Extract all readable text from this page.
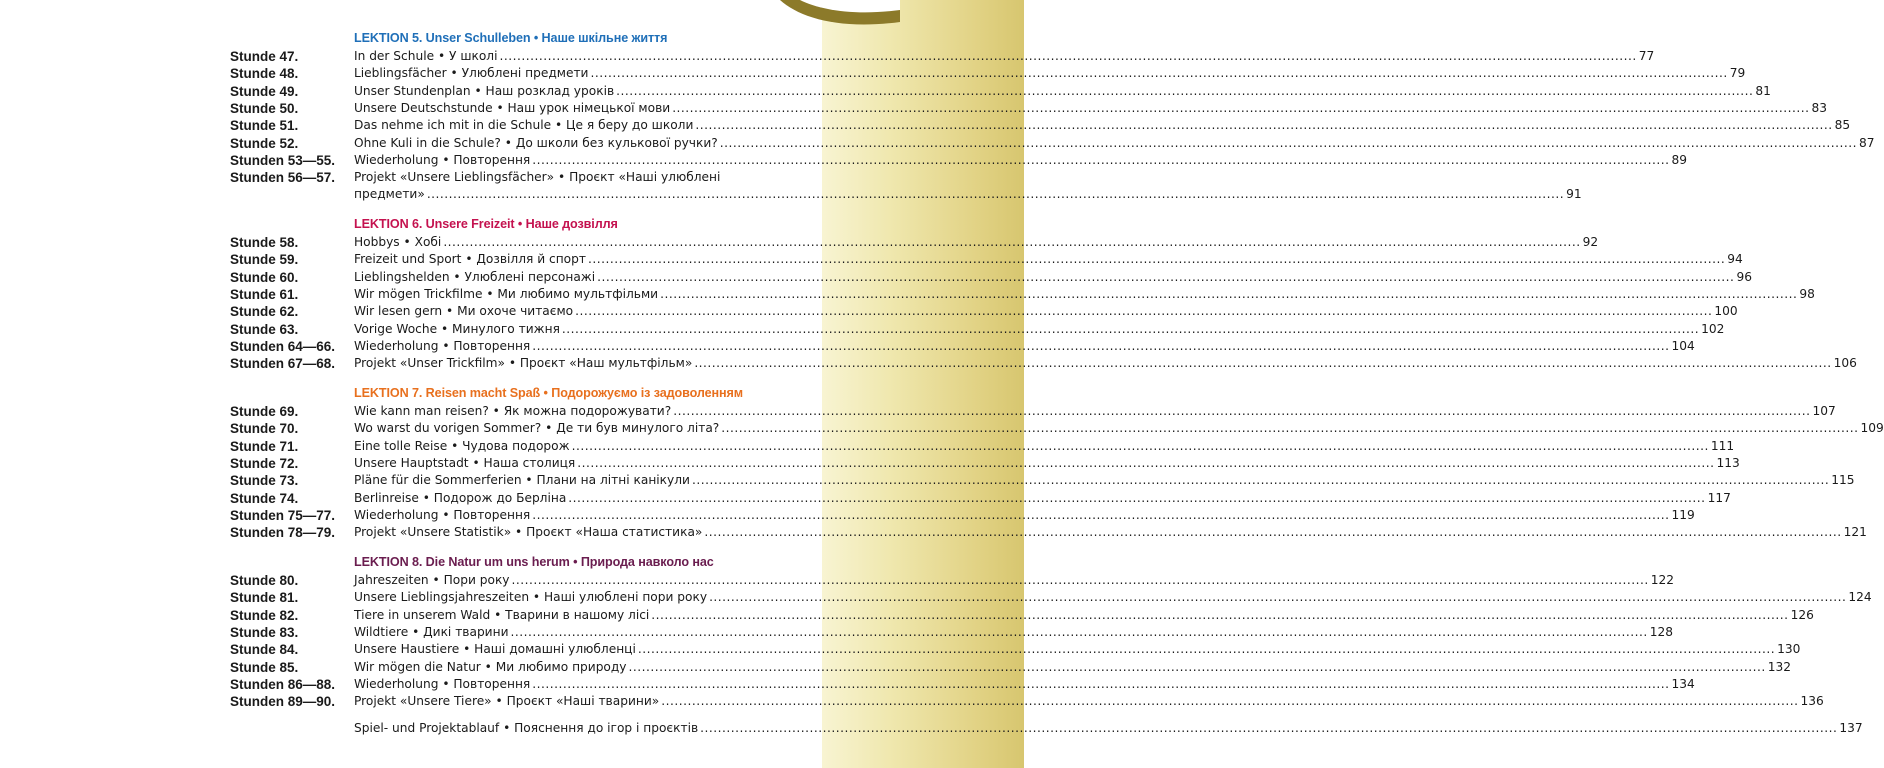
LEKTION 5. Unser Schulleben • Наше шкільне життя
Stunde 47.	In der Schule • У школі .................................................................................................................................................................................................................................................................... 77
Stunde 48.	Lieblingsfächer • Улюблені предмети .................................................................................................................................................................................................................................................................... 79
Stunde 49.	Unser Stundenplan • Наш розклад уроків .................................................................................................................................................................................................................................................................... 81
Stunde 50.	Unsere Deutschstunde • Наш урок німецької мови .................................................................................................................................................................................................................................................................... 83
Stunde 51.	Das nehme ich mit in die Schule • Це я беру до школи .................................................................................................................................................................................................................................................................... 85
Stunde 52.	Ohne Kuli in die Schule? • До школи без кулькової ручки? .................................................................................................................................................................................................................................................................... 87
Stunden 53—55.	Wiederholung • Повторення .................................................................................................................................................................................................................................................................... 89
Stunden 56—57.	Projekt «Unsere Lieblingsfächer» • Проєкт «Наші улюблені
предмети» .................................................................................................................................................................................................................................................................... 91
LEKTION 6. Unsere Freizeit • Наше дозвілля
Stunde 58.	Hobbys • Хобі .................................................................................................................................................................................................................................................................... 92
Stunde 59.	Freizeit und Sport • Дозвілля й спорт .................................................................................................................................................................................................................................................................... 94
Stunde 60.	Lieblingshelden • Улюблені персонажі .................................................................................................................................................................................................................................................................... 96
Stunde 61.	Wir mögen Trickfilme • Ми любимо мультфільми .................................................................................................................................................................................................................................................................... 98
Stunde 62.	Wir lesen gern • Ми охоче читаємо .................................................................................................................................................................................................................................................................... 100
Stunde 63.	Vorige Woche • Минулого тижня .................................................................................................................................................................................................................................................................... 102
Stunden 64—66.	Wiederholung • Повторення .................................................................................................................................................................................................................................................................... 104
Stunden 67—68.	Projekt «Unser Trickfilm» • Проєкт «Наш мультфільм» .................................................................................................................................................................................................................................................................... 106
LEKTION 7. Reisen macht Spaß • Подорожуємо із задоволенням
Stunde 69.	Wie kann man reisen? • Як можна подорожувати? .................................................................................................................................................................................................................................................................... 107
Stunde 70.	Wo warst du vorigen Sommer? • Де ти був минулого літа? .................................................................................................................................................................................................................................................................... 109
Stunde 71.	Eine tolle Reise • Чудова подорож .................................................................................................................................................................................................................................................................... 111
Stunde 72.	Unsere Hauptstadt • Наша столиця .................................................................................................................................................................................................................................................................... 113
Stunde 73.	Pläne für die Sommerferien • Плани на літні канікули .................................................................................................................................................................................................................................................................... 115
Stunde 74.	Berlinreise • Подорож до Берліна .................................................................................................................................................................................................................................................................... 117
Stunden 75—77.	Wiederholung • Повторення .................................................................................................................................................................................................................................................................... 119
Stunden 78—79.	Projekt «Unsere Statistik» • Проєкт «Наша статистика» .................................................................................................................................................................................................................................................................... 121
LEKTION 8. Die Natur um uns herum • Природа навколо нас
Stunde 80.	Jahreszeiten • Пори року .................................................................................................................................................................................................................................................................... 122
Stunde 81.	Unsere Lieblingsjahreszeiten • Наші улюблені пори року .................................................................................................................................................................................................................................................................... 124
Stunde 82.	Tiere in unserem Wald • Тварини в нашому лісі .................................................................................................................................................................................................................................................................... 126
Stunde 83.	Wildtiere • Дикі тварини .................................................................................................................................................................................................................................................................... 128
Stunde 84.	Unsere Haustiere • Наші домашні улюбленці .................................................................................................................................................................................................................................................................... 130
Stunde 85.	Wir mögen die Natur • Ми любимо природу .................................................................................................................................................................................................................................................................... 132
Stunden 86—88.	Wiederholung • Повторення .................................................................................................................................................................................................................................................................... 134
Stunden 89—90.	Projekt «Unsere Tiere» • Проєкт «Наші тварини» .................................................................................................................................................................................................................................................................... 136
Spiel- und Projektablauf • Пояснення до ігор і проєктів .................................................................................................................................................................................................................................................................... 137
